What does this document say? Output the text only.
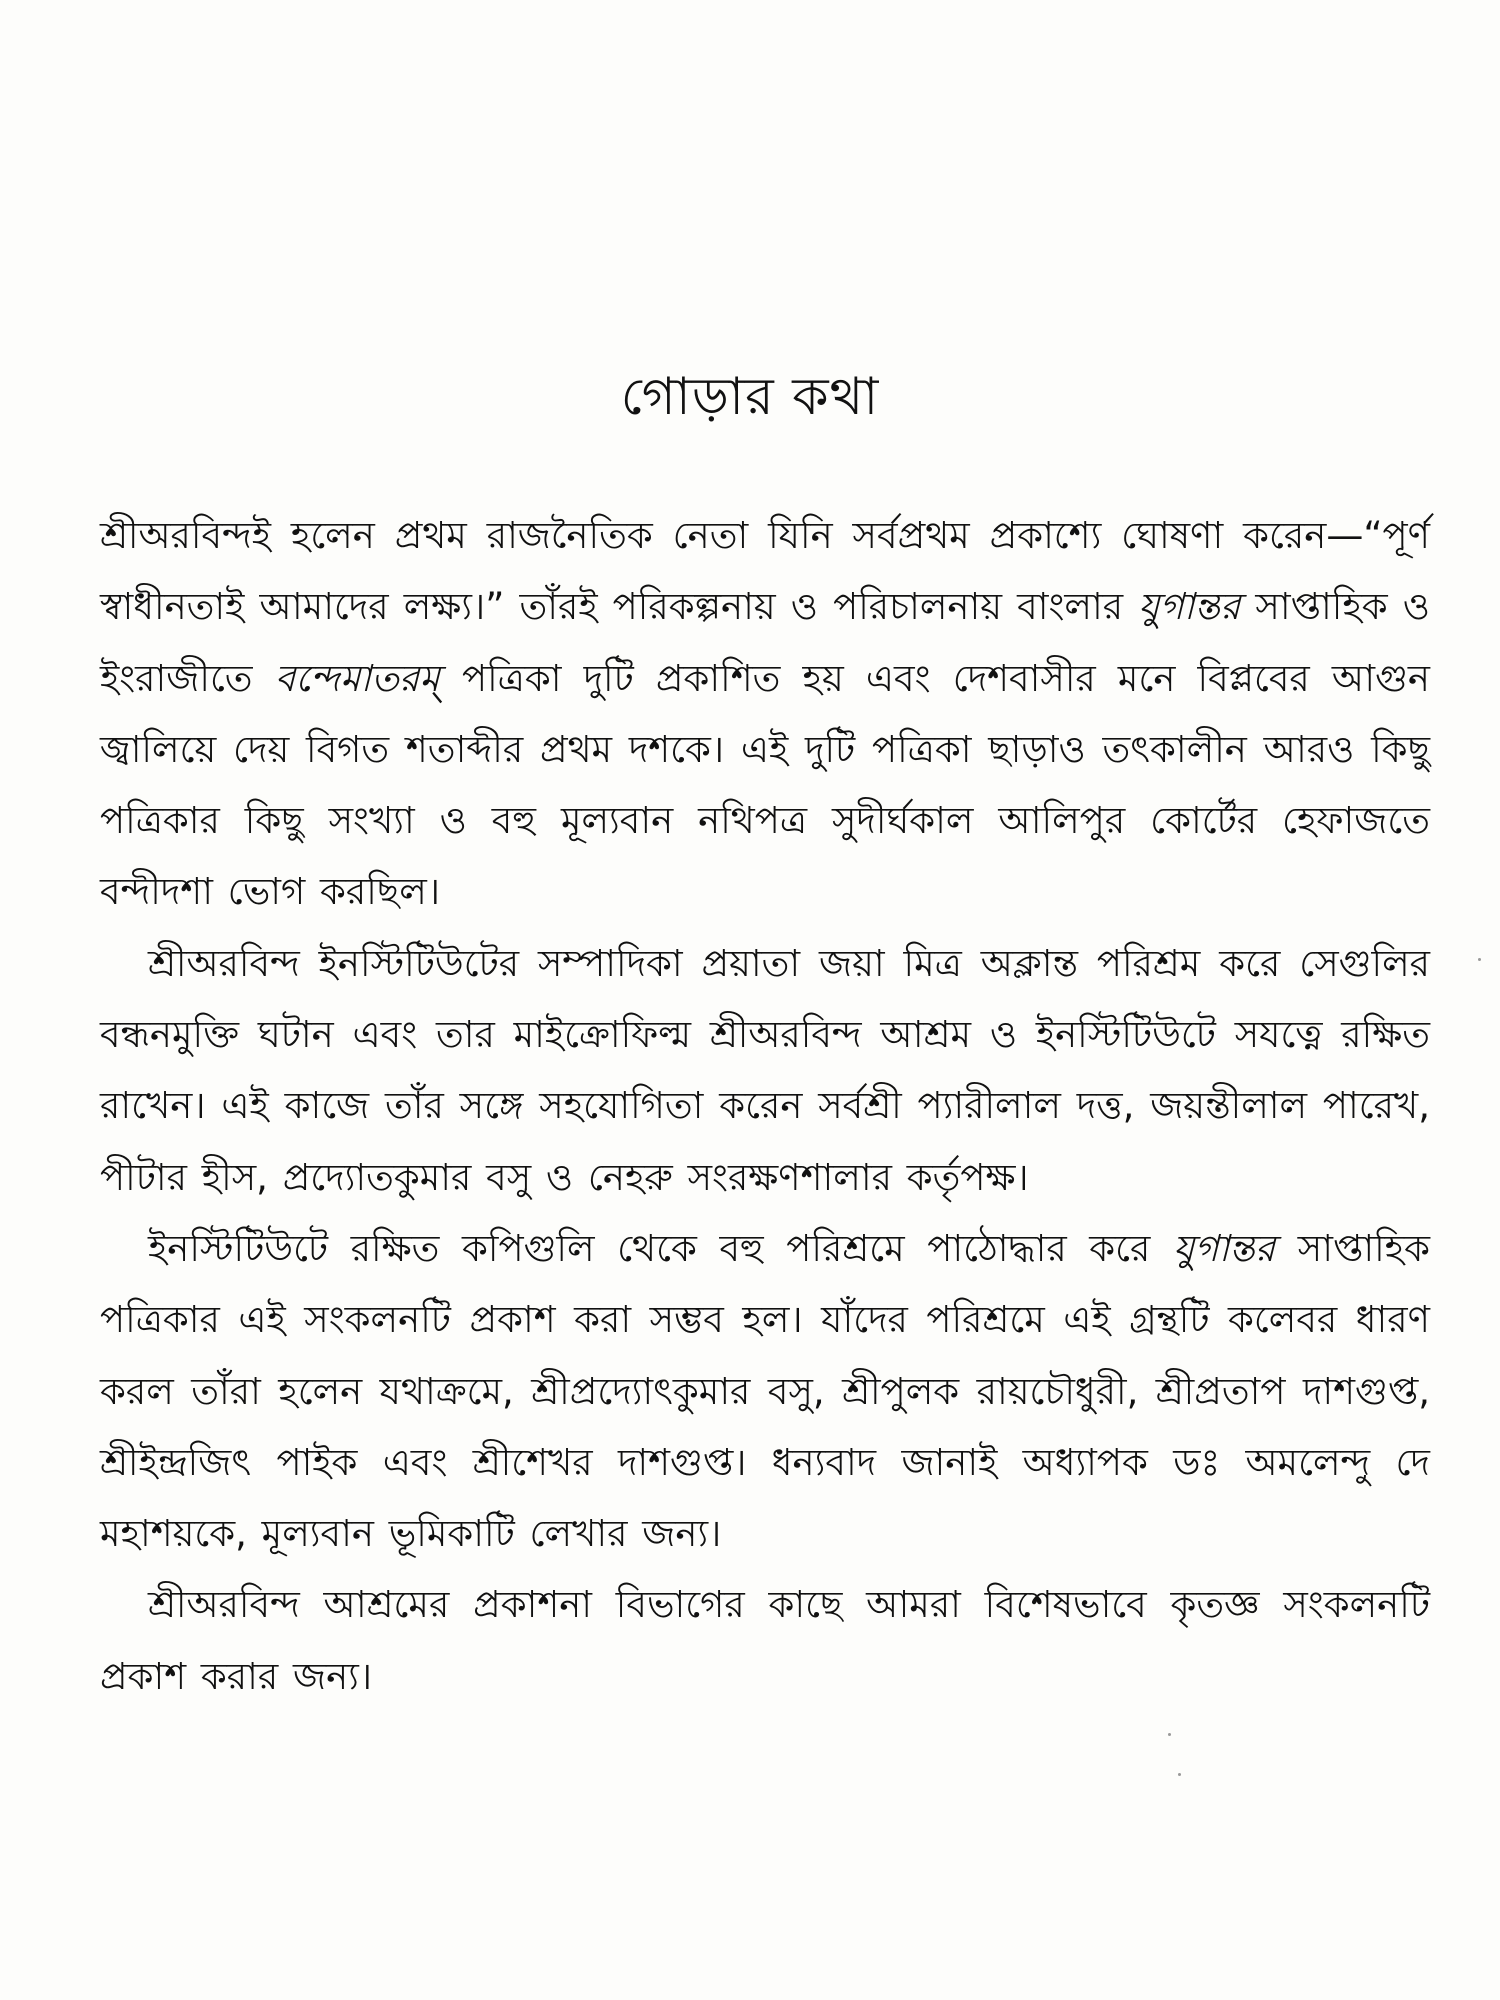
গোড়ার কথা

শ্রীঅরবিন্দই হলেন প্রথম রাজনৈতিক নেতা যিনি সর্বপ্রথম প্রকাশ্যে ঘোষণা করেন—“পূর্ণ স্বাধীনতাই আমাদের লক্ষ্য।” তাঁরই পরিকল্পনায় ও পরিচালনায় বাংলার যুগান্তর সাপ্তাহিক ও ইংরাজীতে বন্দেমাতরম্ পত্রিকা দুটি প্রকাশিত হয় এবং দেশবাসীর মনে বিপ্লবের আগুন জ্বালিয়ে দেয় বিগত শতাব্দীর প্রথম দশকে। এই দুটি পত্রিকা ছাড়াও তৎকালীন আরও কিছু পত্রিকার কিছু সংখ্যা ও বহু মূল্যবান নথিপত্র সুদীর্ঘকাল আলিপুর কোর্টের হেফাজতে বন্দীদশা ভোগ করছিল।

শ্রীঅরবিন্দ ইনস্টিটিউটের সম্পাদিকা প্রয়াতা জয়া মিত্র অক্লান্ত পরিশ্রম করে সেগুলির বন্ধনমুক্তি ঘটান এবং তার মাইক্রোফিল্ম শ্রীঅরবিন্দ আশ্রম ও ইনস্টিটিউটে সযত্নে রক্ষিত রাখেন। এই কাজে তাঁর সঙ্গে সহযোগিতা করেন সর্বশ্রী প্যারীলাল দত্ত, জয়ন্তীলাল পারেখ, পীটার হীস, প্রদ্যোতকুমার বসু ও নেহরু সংরক্ষণশালার কর্তৃপক্ষ।

ইনস্টিটিউটে রক্ষিত কপিগুলি থেকে বহু পরিশ্রমে পাঠোদ্ধার করে যুগান্তর সাপ্তাহিক পত্রিকার এই সংকলনটি প্রকাশ করা সম্ভব হল। যাঁদের পরিশ্রমে এই গ্রন্থটি কলেবর ধারণ করল তাঁরা হলেন যথাক্রমে, শ্রীপ্রদ্যোৎকুমার বসু, শ্রীপুলক রায়চৌধুরী, শ্রীপ্রতাপ দাশগুপ্ত, শ্রীইন্দ্রজিৎ পাইক এবং শ্রীশেখর দাশগুপ্ত। ধন্যবাদ জানাই অধ্যাপক ডঃ অমলেন্দু দে মহাশয়কে, মূল্যবান ভূমিকাটি লেখার জন্য।

শ্রীঅরবিন্দ আশ্রমের প্রকাশনা বিভাগের কাছে আমরা বিশেষভাবে কৃতজ্ঞ সংকলনটি প্রকাশ করার জন্য।
